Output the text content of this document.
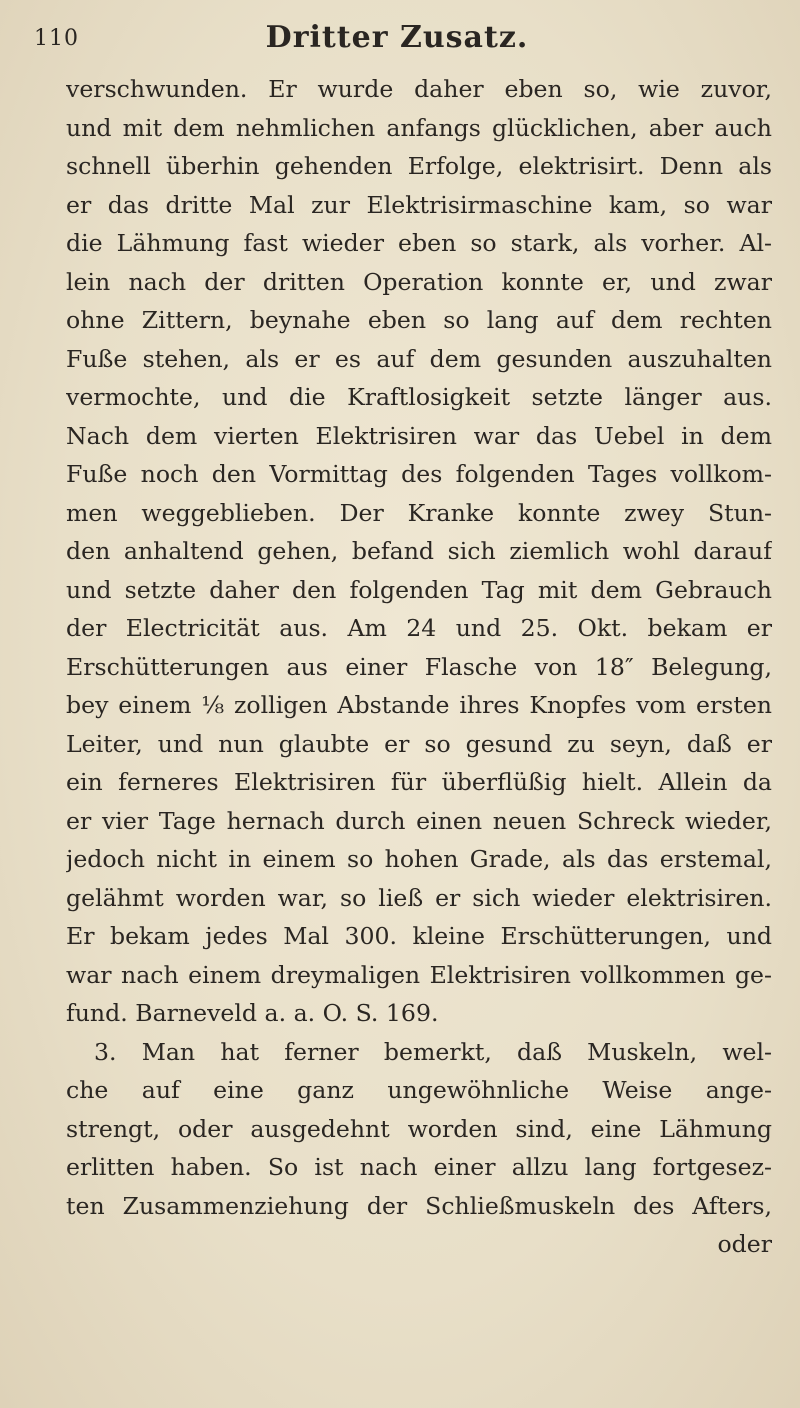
110	Dritter Zusatz.
verschwunden. Er wurde daher eben so, wie zuvor,
und mit dem nehmlichen anfangs glücklichen, aber auch
schnell überhin gehenden Erfolge, elektrisirt. Denn als
er das dritte Mal zur Elektrisirmaschine kam, so war
die Lähmung fast wieder eben so stark, als vorher. Al-
lein nach der dritten Operation konnte er, und zwar
ohne Zittern, beynahe eben so lang auf dem rechten
Fuße stehen, als er es auf dem gesunden auszuhalten
vermochte, und die Kraftlosigkeit setzte länger aus.
Nach dem vierten Elektrisiren war das Uebel in dem
Fuße noch den Vormittag des folgenden Tages vollkom-
men weggeblieben. Der Kranke konnte zwey Stun-
den anhaltend gehen, befand sich ziemlich wohl darauf
und setzte daher den folgenden Tag mit dem Gebrauch
der Electricität aus. Am 24 und 25. Okt. bekam er
Erschütterungen aus einer Flasche von 18″ Belegung,
bey einem ⅛ zolligen Abstande ihres Knopfes vom ersten
Leiter, und nun glaubte er so gesund zu seyn, daß er
ein ferneres Elektrisiren für überflüßig hielt. Allein da
er vier Tage hernach durch einen neuen Schreck wieder,
jedoch nicht in einem so hohen Grade, als das erstemal,
gelähmt worden war, so ließ er sich wieder elektrisiren.
Er bekam jedes Mal 300. kleine Erschütterungen, und
war nach einem dreymaligen Elektrisiren vollkommen ge-
fund. Barneveld a. a. O. S. 169.
3. Man hat ferner bemerkt, daß Muskeln, wel-
che auf eine ganz ungewöhnliche Weise ange-
strengt, oder ausgedehnt worden sind, eine Lähmung
erlitten haben. So ist nach einer allzu lang fortgesez-
ten Zusammenziehung der Schließmuskeln des Afters,
oder
